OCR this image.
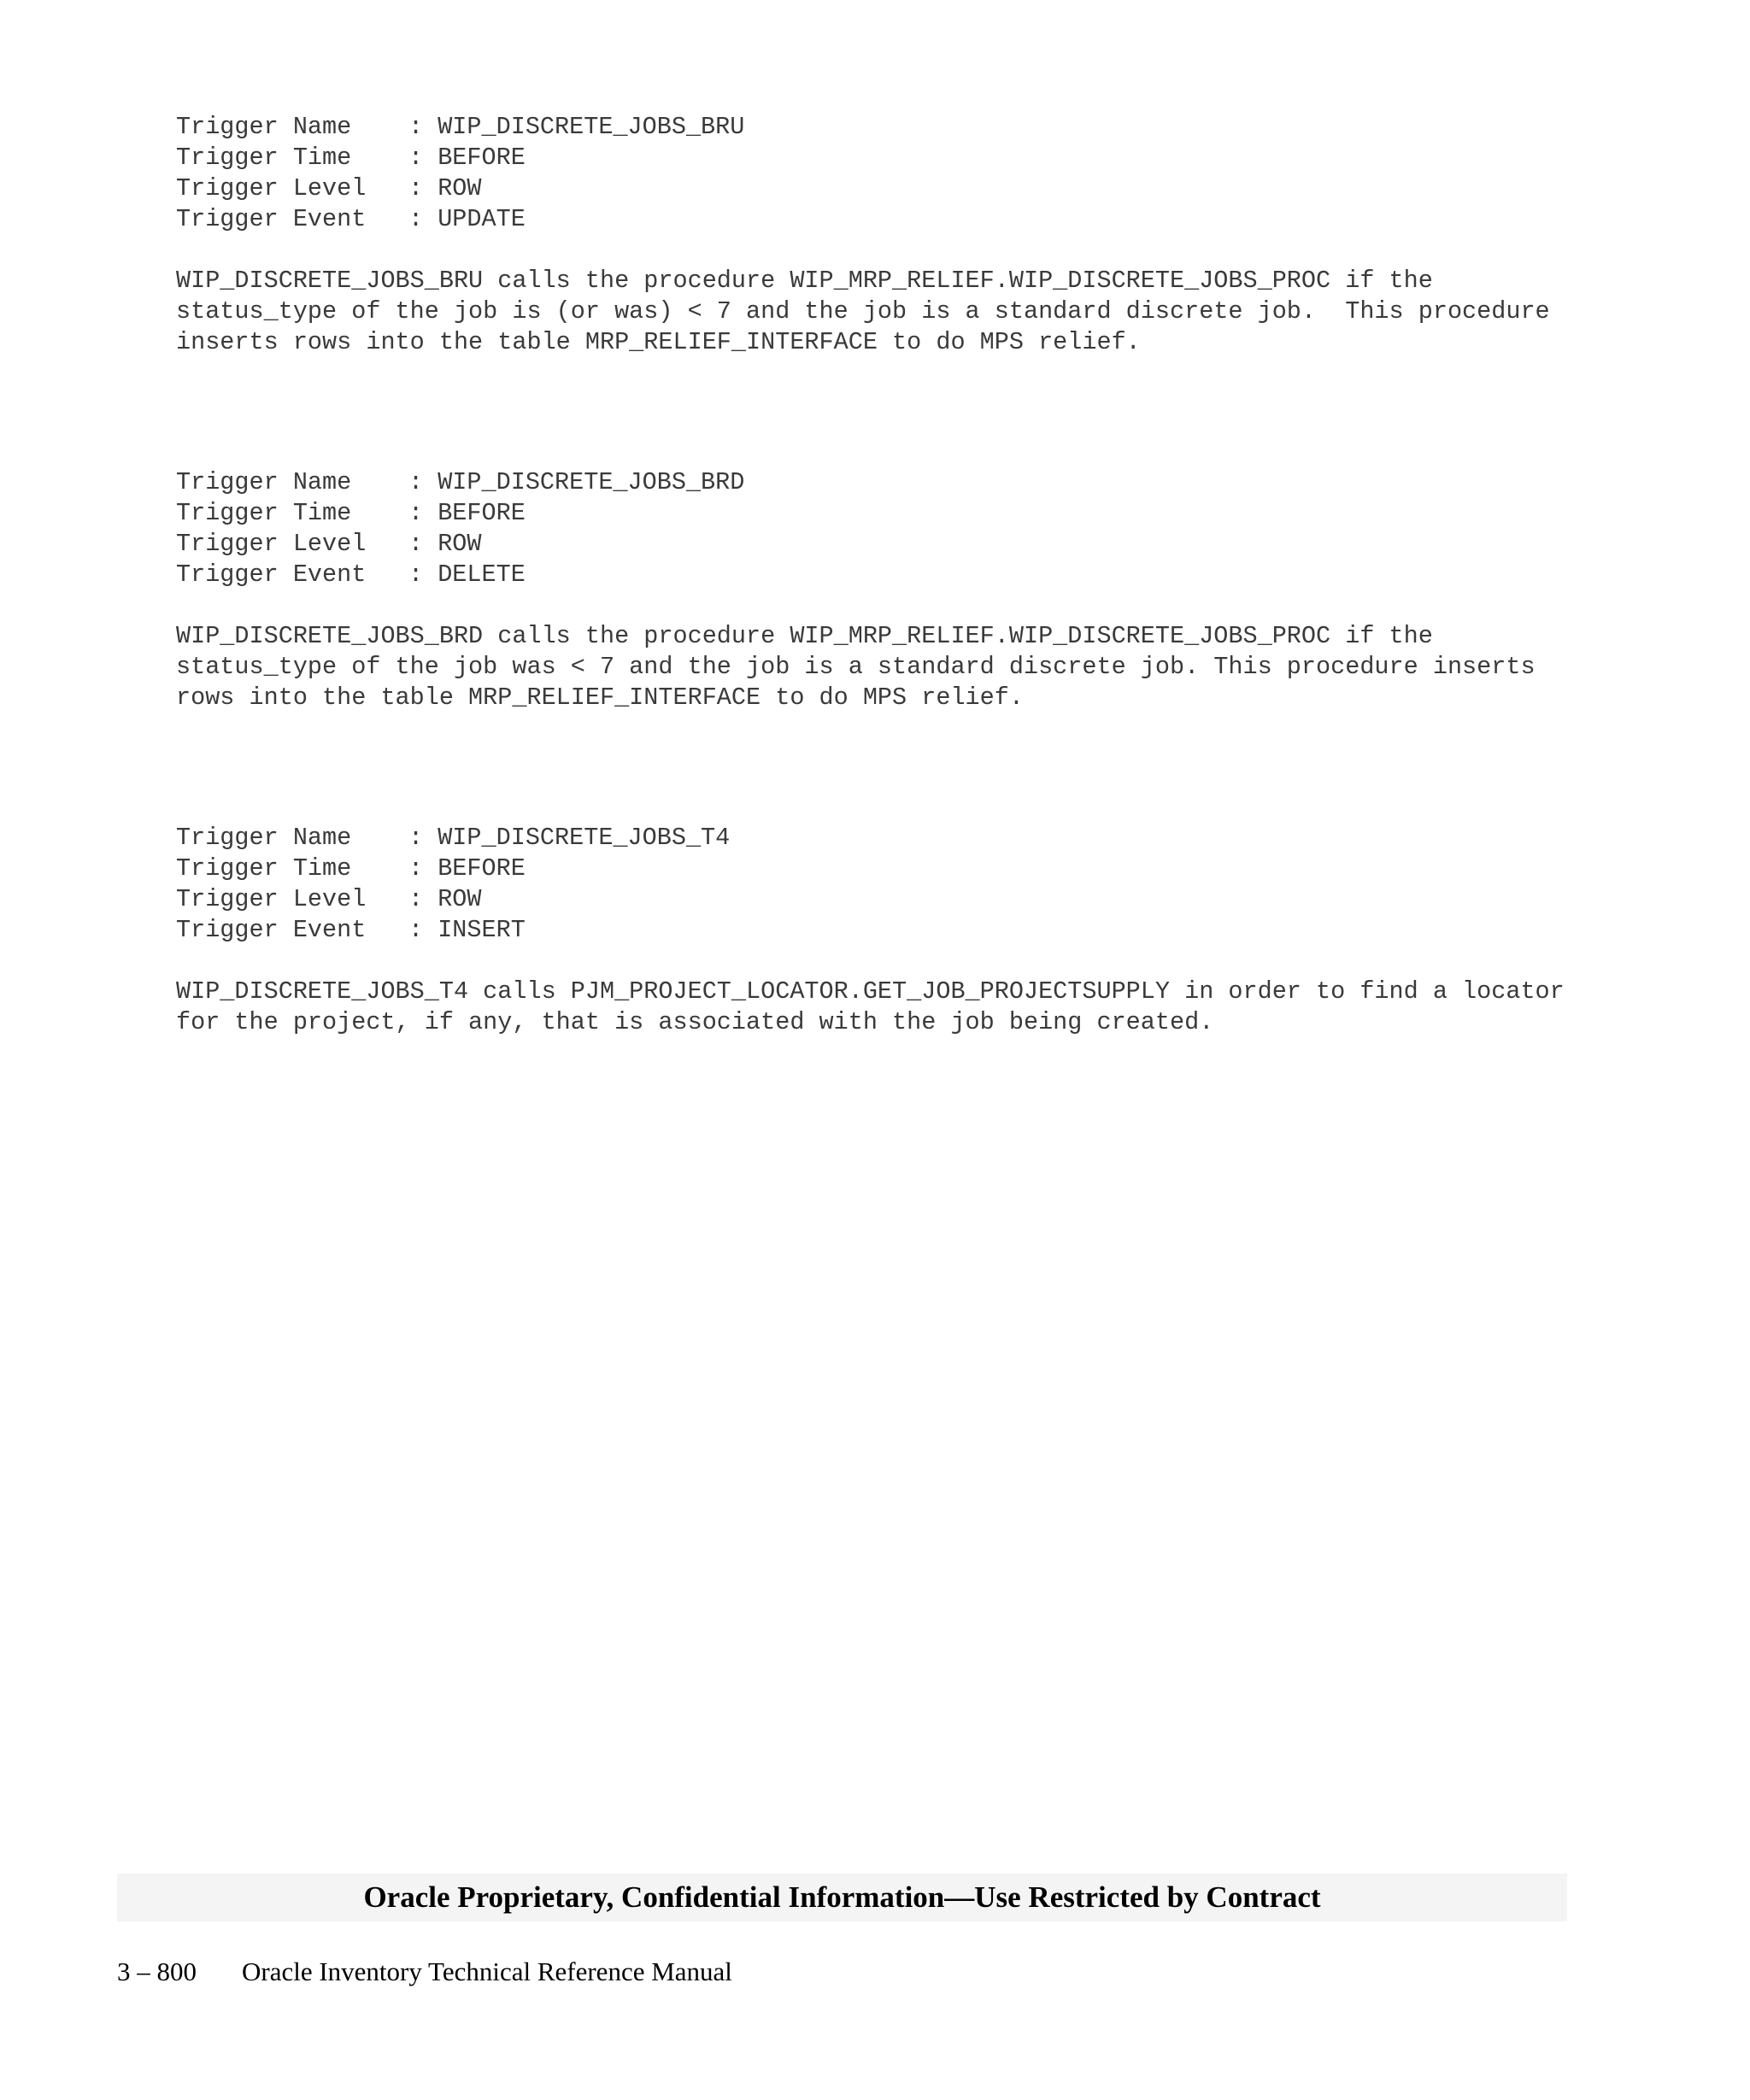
Trigger Name	: WIP_DISCRETE_JOBS_BRU
Trigger Time	: BEFORE
Trigger Level	: ROW
Trigger Event	: UPDATE
WIP_DISCRETE_JOBS_BRU calls the procedure WIP_MRP_RELIEF.WIP_DISCRETE_JOBS_PROC if the
status_type of the job is (or was) < 7 and the job is a standard discrete job.  This procedure
inserts rows into the table MRP_RELIEF_INTERFACE to do MPS relief.
Trigger Name	: WIP_DISCRETE_JOBS_BRD
Trigger Time	: BEFORE
Trigger Level	: ROW
Trigger Event	: DELETE
WIP_DISCRETE_JOBS_BRD calls the procedure WIP_MRP_RELIEF.WIP_DISCRETE_JOBS_PROC if the
status_type of the job was < 7 and the job is a standard discrete job. This procedure inserts
rows into the table MRP_RELIEF_INTERFACE to do MPS relief.
Trigger Name	: WIP_DISCRETE_JOBS_T4
Trigger Time	: BEFORE
Trigger Level	: ROW
Trigger Event	: INSERT
WIP_DISCRETE_JOBS_T4 calls PJM_PROJECT_LOCATOR.GET_JOB_PROJECTSUPPLY in order to find a locator
for the project, if any, that is associated with the job being created.
Oracle Proprietary, Confidential Information––Use Restricted by Contract
3 – 800	Oracle Inventory Technical Reference Manual
